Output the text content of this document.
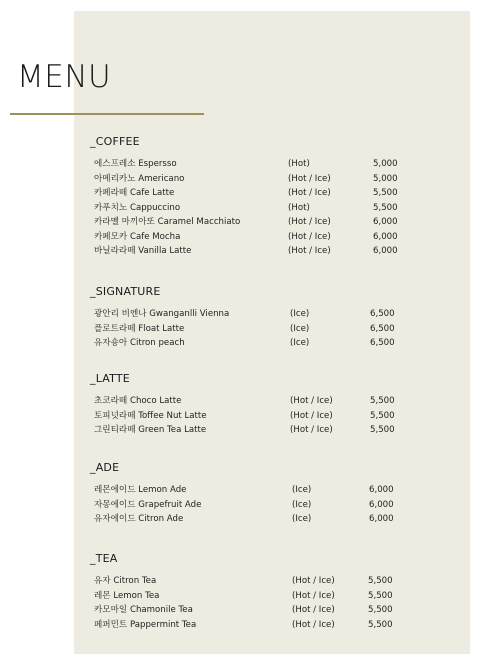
MENU
_COFFEE
에스프레소 Espersso	(Hot)	5,000
아메리카노 Americano	(Hot / Ice)	5,000
카페라떼 Cafe Latte	(Hot / Ice)	5,500
카푸치노 Cappuccino	(Hot)	5,500
카라멜 마끼아또 Caramel Macchiato	(Hot / Ice)	6,000
카페모카 Cafe Mocha	(Hot / Ice)	6,000
바닐라라떼 Vanilla Latte	(Hot / Ice)	6,000
_SIGNATURE
광안리 비엔나 Gwanganlli Vienna	(Ice)	6,500
플로트라떼 Float Latte	(Ice)	6,500
유자숑아 Citron peach	(Ice)	6,500
_LATTE
초코라떼 Choco Latte	(Hot / Ice)	5,500
토피넛라떼 Toffee Nut Latte	(Hot / Ice)	5,500
그린티라떼 Green Tea Latte	(Hot / Ice)	5,500
_ADE
레몬에이드 Lemon Ade	(Ice)	6,000
자몽에이드 Grapefruit Ade	(Ice)	6,000
유자에이드 Citron Ade	(Ice)	6,000
_TEA
유자 Citron Tea	(Hot / Ice)	5,500
레몬 Lemon Tea	(Hot / Ice)	5,500
카모마일 Chamonile Tea	(Hot / Ice)	5,500
페퍼민트 Pappermint Tea	(Hot / Ice)	5,500
